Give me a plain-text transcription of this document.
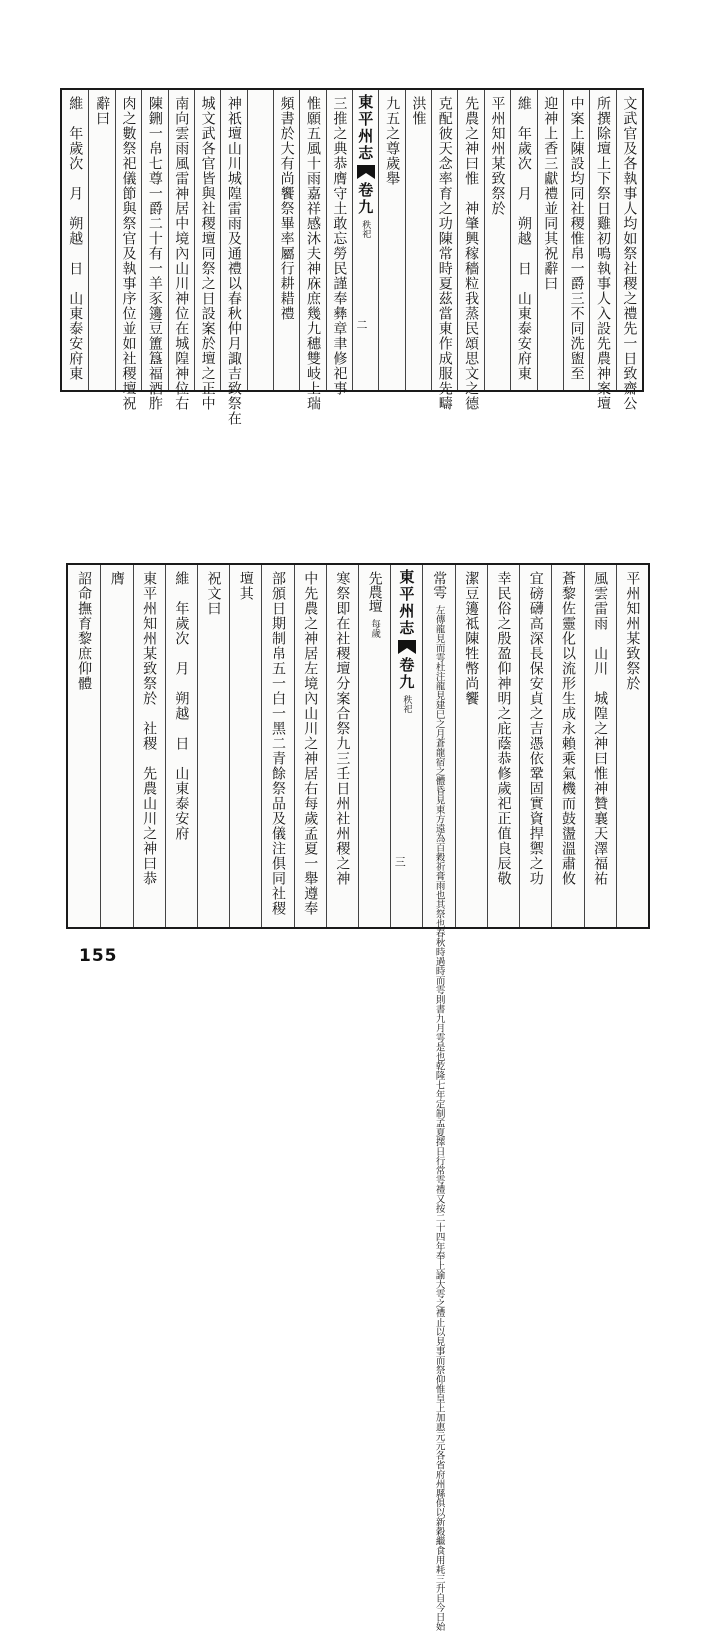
文武官及各執事人均如祭社稷之禮先一日致齋公
所撰除壇上下祭日雞初鳴執事人入設先農神案壇
中案上陳設均同社稷惟帛一爵三不同洗盥至
迎神上香三獻禮並同其祝辭曰
維　年歲次　月　朔越　日　山東泰安府東
平州知州某致祭於
先農之神曰惟　神肇興稼穡粒我蒸民頌思文之德
克配彼天念率育之功陳常時夏茲當東作成服先疇
洪惟
九五之尊歲舉
東平州志
卷九
秩祀
二
三推之典恭膺守土敢忘勞民謹奉彝章聿修祀事
惟願五風十雨嘉祥感沐夫神庥庶幾九穗雙岐上瑞
頻書於大有尚饗祭畢率屬行耕耤禮
神祇壇山川城隍雷雨及通禮以春秋仲月諏吉致祭在
城文武各官皆與社稷壇同祭之日設案於壇之正中
南向雲雨風雷神居中境內山川神位在城隍神位右
陳鉶一帛七尊一爵二十有一羊豕籩豆簠簋福酒胙
肉之數祭祀儀節與祭官及執事序位並如社稷壇祝
辭曰
維　年歲次　月　朔越　日　山東泰安府東
平州知州某致祭於
風雲雷雨　山川　城隍之神曰惟神贊襄天澤福祐
蒼黎佐靈化以流形生成永賴乘氣機而鼓盪溫肅攸
宜磅礴高深長保安貞之吉憑依鞏固實資捍禦之功
幸民俗之殷盈仰神明之庇蔭恭修歲祀正值良辰敬
潔豆籩祗陳牲幣尚饗
常雩
左傳龍見而雩杜注龍見建巳之月蒼龍宿之體昏見東方遠為百穀祈膏雨也其祭也春秋時過時而雩則書九月雩是也乾隆七年定制孟夏擇日行常雩禮又按二十四年奉上諭大雩之禮止以見事而祭仰惟皇上加惠元元各省府州縣俱以新穀繼食用耗三升自今日始
東平州志
卷九
秩祀
三
先農壇
每歲
寒祭即在社稷壇分案合祭九三壬日州社州稷之神
中先農之神居左境內山川之神居右每歲孟夏一舉遵奉
部頒日期制帛五一白一黑二青餘祭品及儀注俱同社稷
壇其
祝文曰
維　年歲次　月　朔越　日　山東泰安府
東平州知州某致祭於　社稷　先農山川之神曰恭
膺
詔命撫育黎庶仰體
155
